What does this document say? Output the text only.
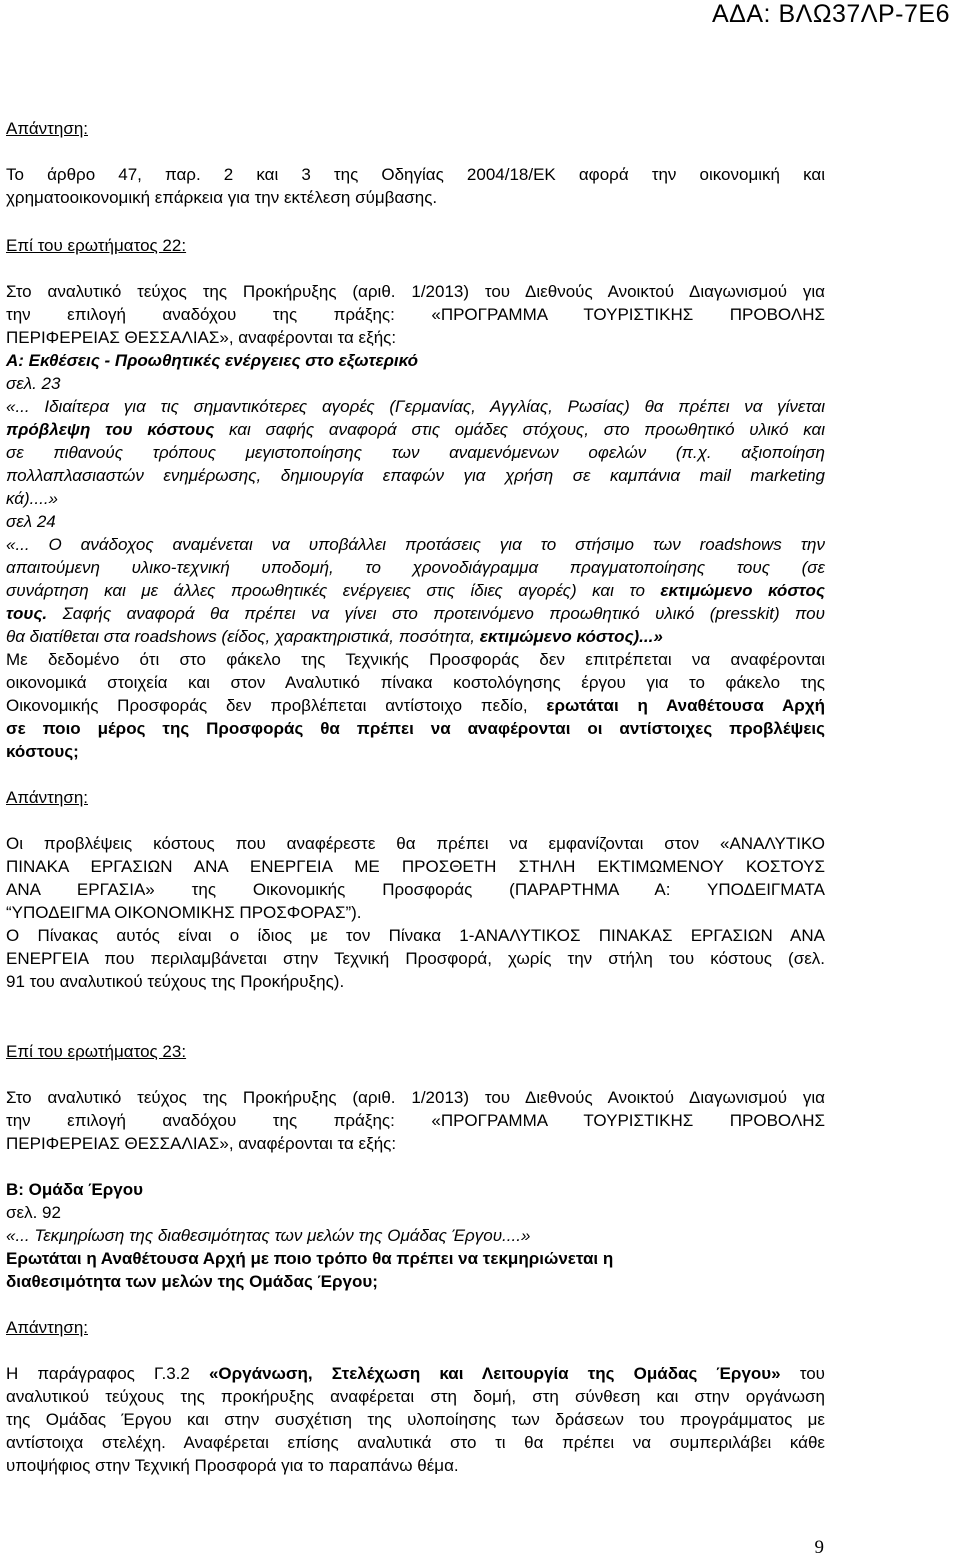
ΑΔΑ: ΒΛΩ37ΛΡ-7Ε6
Απάντηση:
Το άρθρο 47, παρ. 2 και 3 της Οδηγίας 2004/18/ΕΚ αφορά την οικονομική και
χρηματοοικονομική επάρκεια για την εκτέλεση σύμβασης.
Επί του ερωτήματος 22:
Στο αναλυτικό τεύχος της Προκήρυξης (αριθ. 1/2013) του Διεθνούς Ανοικτού Διαγωνισμού για
την επιλογή αναδόχου της πράξης: «ΠΡΟΓΡΑΜΜΑ ΤΟΥΡΙΣΤΙΚΗΣ ΠΡΟΒΟΛΗΣ
ΠΕΡΙΦΕΡΕΙΑΣ ΘΕΣΣΑΛΙΑΣ», αναφέρονται τα εξής:
Α: Εκθέσεις - Προωθητικές ενέργειες στο εξωτερικό
σελ. 23
«... Ιδιαίτερα για τις σημαντικότερες αγορές (Γερμανίας, Αγγλίας, Ρωσίας) θα πρέπει να γίνεται
πρόβλεψη του κόστους και σαφής αναφορά στις ομάδες στόχους, στο προωθητικό υλικό και
σε πιθανούς τρόπους μεγιστοποίησης των αναμενόμενων οφελών (π.χ. αξιοποίηση
πολλαπλασιαστών ενημέρωσης, δημιουργία επαφών για χρήση σε καμπάνια mail marketing
κά)....»
σελ 24
«... Ο ανάδοχος αναμένεται να υποβάλλει προτάσεις για το στήσιμο των roadshows την
απαιτούμενη υλικο-τεχνική υποδομή, το χρονοδιάγραμμα πραγματοποίησης τους (σε
συνάρτηση και με άλλες προωθητικές ενέργειες στις ίδιες αγορές) και το εκτιμώμενο κόστος
τους. Σαφής αναφορά θα πρέπει να γίνει στο προτεινόμενο προωθητικό υλικό (presskit) που
θα διατίθεται στα roadshows (είδος, χαρακτηριστικά, ποσότητα, εκτιμώμενο κόστος)...»
Με δεδομένο ότι στο φάκελο της Τεχνικής Προσφοράς δεν επιτρέπεται να αναφέρονται
οικονομικά στοιχεία και στον Αναλυτικό πίνακα κοστολόγησης έργου για το φάκελο της
Οικονομικής Προσφοράς δεν προβλέπεται αντίστοιχο πεδίο, ερωτάται η Αναθέτουσα Αρχή
σε ποιο μέρος της Προσφοράς θα πρέπει να αναφέρονται οι αντίστοιχες προβλέψεις
κόστους;
Απάντηση:
Οι προβλέψεις κόστους που αναφέρεστε θα πρέπει να εμφανίζονται στον «ΑΝΑΛΥΤΙΚΟ
ΠΙΝΑΚΑ ΕΡΓΑΣΙΩΝ ΑΝΑ ΕΝΕΡΓΕΙΑ ΜΕ ΠΡΟΣΘΕΤΗ ΣΤΗΛΗ ΕΚΤΙΜΩΜΕΝΟΥ ΚΟΣΤΟΥΣ
ΑΝΑ ΕΡΓΑΣΙΑ» της Οικονομικής Προσφοράς (ΠΑΡΑΡΤΗΜΑ Α: ΥΠΟΔΕΙΓΜΑΤΑ
“ΥΠΟΔΕΙΓΜΑ ΟΙΚΟΝΟΜΙΚΗΣ ΠΡΟΣΦΟΡΑΣ”).
Ο Πίνακας αυτός είναι ο ίδιος με τον Πίνακα 1-ΑΝΑΛΥΤΙΚΟΣ ΠΙΝΑΚΑΣ ΕΡΓΑΣΙΩΝ ΑΝΑ
ΕΝΕΡΓΕΙΑ που περιλαμβάνεται στην Τεχνική Προσφορά, χωρίς την στήλη του κόστους (σελ.
91 του αναλυτικού τεύχους της Προκήρυξης).
Επί του ερωτήματος 23:
Στο αναλυτικό τεύχος της Προκήρυξης (αριθ. 1/2013) του Διεθνούς Ανοικτού Διαγωνισμού για
την επιλογή αναδόχου της πράξης: «ΠΡΟΓΡΑΜΜΑ ΤΟΥΡΙΣΤΙΚΗΣ ΠΡΟΒΟΛΗΣ
ΠΕΡΙΦΕΡΕΙΑΣ ΘΕΣΣΑΛΙΑΣ», αναφέρονται τα εξής:
Β: Ομάδα Έργου
σελ. 92
«... Τεκμηρίωση της διαθεσιμότητας των μελών της Ομάδας Έργου....»
Ερωτάται η Αναθέτουσα Αρχή με ποιο τρόπο θα πρέπει να τεκμηριώνεται η
διαθεσιμότητα των μελών της Ομάδας Έργου;
Απάντηση:
Η παράγραφος Γ.3.2 «Οργάνωση, Στελέχωση και Λειτουργία της Ομάδας Έργου» του
αναλυτικού τεύχους της προκήρυξης αναφέρεται στη δομή, στη σύνθεση και στην οργάνωση
της Ομάδας Έργου και στην συσχέτιση της υλοποίησης των δράσεων του προγράμματος με
αντίστοιχα στελέχη. Αναφέρεται επίσης αναλυτικά στο τι θα πρέπει να συμπεριλάβει κάθε
υποψήφιος στην Τεχνική Προσφορά για το παραπάνω θέμα.
9
